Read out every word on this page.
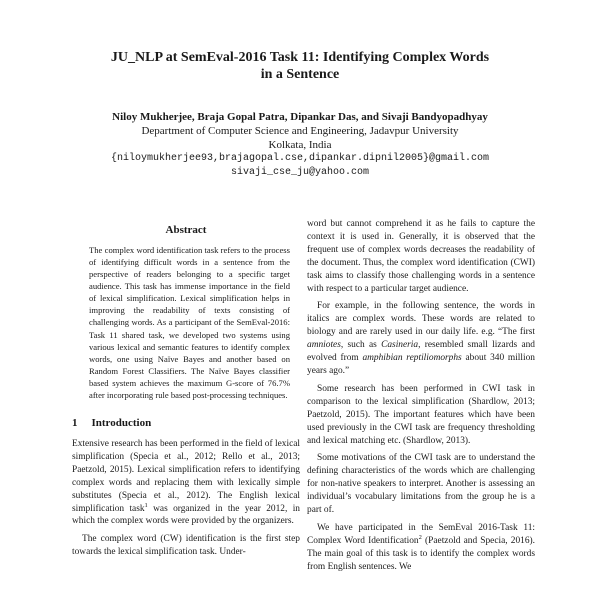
JU_NLP at SemEval-2016 Task 11: Identifying Complex Words
in a Sentence
Niloy Mukherjee, Braja Gopal Patra, Dipankar Das, and Sivaji Bandyopadhyay
Department of Computer Science and Engineering, Jadavpur University
Kolkata, India
{niloymukherjee93,brajagopal.cse,dipankar.dipnil2005}@gmail.com
sivaji_cse_ju@yahoo.com
Abstract
The complex word identification task refers to the process of identifying difficult words in a sentence from the perspective of readers belonging to a specific target audience. This task has immense importance in the field of lexical simplification. Lexical simplification helps in improving the readability of texts consisting of challenging words. As a participant of the SemEval-2016: Task 11 shared task, we developed two systems using various lexical and semantic features to identify complex words, one using Naïve Bayes and another based on Random Forest Classifiers. The Naïve Bayes classifier based system achieves the maximum G-score of 76.7% after incorporating rule based post-processing techniques.
1 Introduction

Extensive research has been performed in the field of lexical simplification (Specia et al., 2012; Rello et al., 2013; Paetzold, 2015). Lexical simplification refers to identifying complex words and replacing them with lexically simple substitutes (Specia et al., 2012). The English lexical simplification task$^1$ was organized in the year 2012, in which the complex words were provided by the organizers.

The complex word (CW) identification is the first step towards the lexical simplification task. Under-

word but cannot comprehend it as he fails to capture the context it is used in. Generally, it is observed that the frequent use of complex words decreases the readability of the document. Thus, the complex word identification (CWI) task aims to classify those challenging words in a sentence with respect to a particular target audience.

For example, in the following sentence, the words in italics are complex words. These words are related to biology and are rarely used in our daily life. e.g. “The first amniotes, such as Casineria, resembled small lizards and evolved from amphibian reptiliomorphs about 340 million years ago.”

Some research has been performed in CWI task in comparison to the lexical simplification (Shardlow, 2013; Paetzold, 2015). The important features which have been used previously in the CWI task are frequency thresholding and lexical matching etc. (Shardlow, 2013).

Some motivations of the CWI task are to understand the defining characteristics of the words which are challenging for non-native speakers to interpret. Another is assessing an individual’s vocabulary limitations from the group he is a part of.

We have participated in the SemEval 2016-Task 11: Complex Word Identification$^2$ (Paetzold and Specia, 2016). The main goal of this task is to identify the complex words from English sentences. We
